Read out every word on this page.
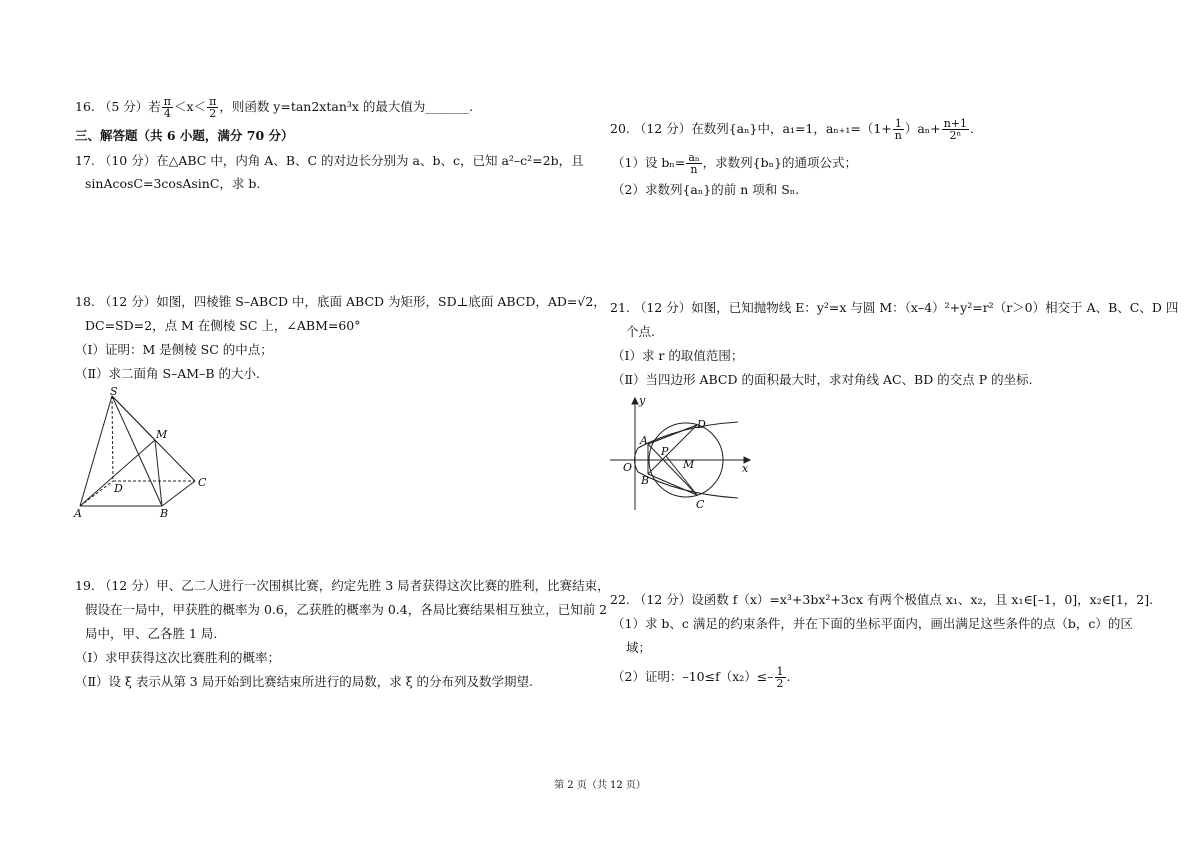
16. （5 分）若 $\frac{\pi}{4} <x< \frac{\pi}{2}$ ，则函数 y=tan2xtan³x 的最大值为_______.
三、解答题（共 6 小题，满分 70 分）
17. （10 分）在△ABC 中，内角 A、B、C 的对边长分别为 a、b、c，已知 a²–c²=2b，且
sinAcosC=3cosAsinC，求 b.
18. （12 分）如图，四棱锥 S–ABCD 中，底面 ABCD 为矩形，SD⊥底面 ABCD，AD=√2，
DC=SD=2，点 M 在侧棱 SC 上，∠ABM=60°
（I）证明：M 是侧棱 SC 的中点；
（Ⅱ）求二面角 S–AM–B 的大小.
S
M
D	C
A	B
19. （12 分）甲、乙二人进行一次围棋比赛，约定先胜 3 局者获得这次比赛的胜利，比赛结束，
假设在一局中，甲获胜的概率为 0.6，乙获胜的概率为 0.4，各局比赛结果相互独立，已知前 2
局中，甲、乙各胜 1 局.
（I）求甲获得这次比赛胜利的概率；
（Ⅱ）设 ξ 表示从第 3 局开始到比赛结束所进行的局数，求 ξ 的分布列及数学期望.
20. （12 分）在数列{aₙ}中，a₁=1，$a_{n+1}=(1+ \frac{1}{n} )a_n+ \frac{n+1}{\text{2ⁿ}}$ .
（1）设 $b_n= \frac{\text{aₙ}}{n}$ ，求数列{bₙ}的通项公式；
（2）求数列{aₙ}的前 n 项和 Sₙ.
21. （12 分）如图，已知抛物线 E：y²=x 与圆 M：（x–4）²+y²=r²（r＞0）相交于 A、B、C、D 四
个点.
（Ⅰ）求 r 的取值范围；
（Ⅱ）当四边形 ABCD 的面积最大时，求对角线 AC、BD 的交点 P 的坐标.
y
x
O
A
B
C
D
P
M
22. （12 分）设函数 f（x）=x³+3bx²+3cx 有两个极值点 x₁、x₂，且 x₁∈[–1，0]，x₂∈[1，2].
（1）求 b、c 满足的约束条件，并在下面的坐标平面内，画出满足这些条件的点（b，c）的区
域；
（2）证明：$-10\le f(x_2)\le- \frac{1}{2}$ .
第 2 页（共 12 页）
